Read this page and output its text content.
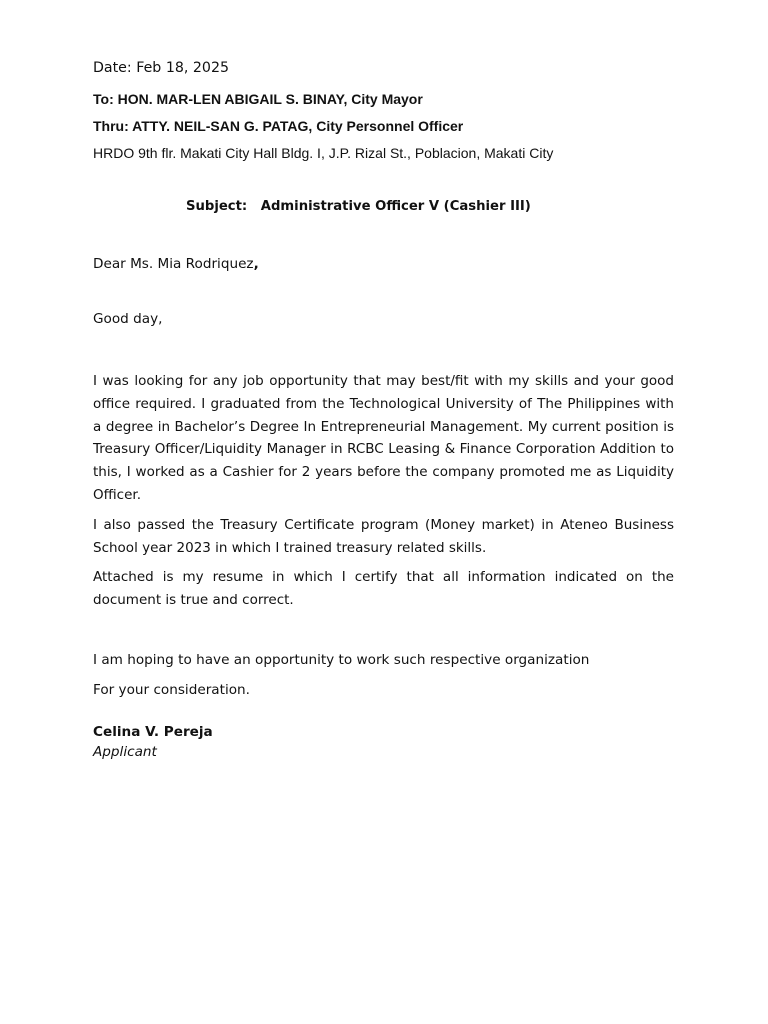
Date: Feb 18, 2025
To: HON. MAR-LEN ABIGAIL S. BINAY, City Mayor
Thru: ATTY. NEIL-SAN G. PATAG, City Personnel Officer
HRDO 9th flr. Makati City Hall Bldg. I, J.P. Rizal St., Poblacion, Makati City
Subject: Administrative Officer V (Cashier III)
Dear Ms. Mia Rodriquez,
Good day,
I was looking for any job opportunity that may best/fit with my skills and your good office required. I graduated from the Technological University of The Philippines with a degree in Bachelor’s Degree In Entrepreneurial Management. My current position is Treasury Officer/Liquidity Manager in RCBC Leasing & Finance Corporation Addition to this, I worked as a Cashier for 2 years before the company promoted me as Liquidity Officer.
I also passed the Treasury Certificate program (Money market) in Ateneo Business School year 2023 in which I trained treasury related skills.
Attached is my resume in which I certify that all information indicated on the document is true and correct.
I am hoping to have an opportunity to work such respective organization
For your consideration.
Celina V. Pereja
Applicant
